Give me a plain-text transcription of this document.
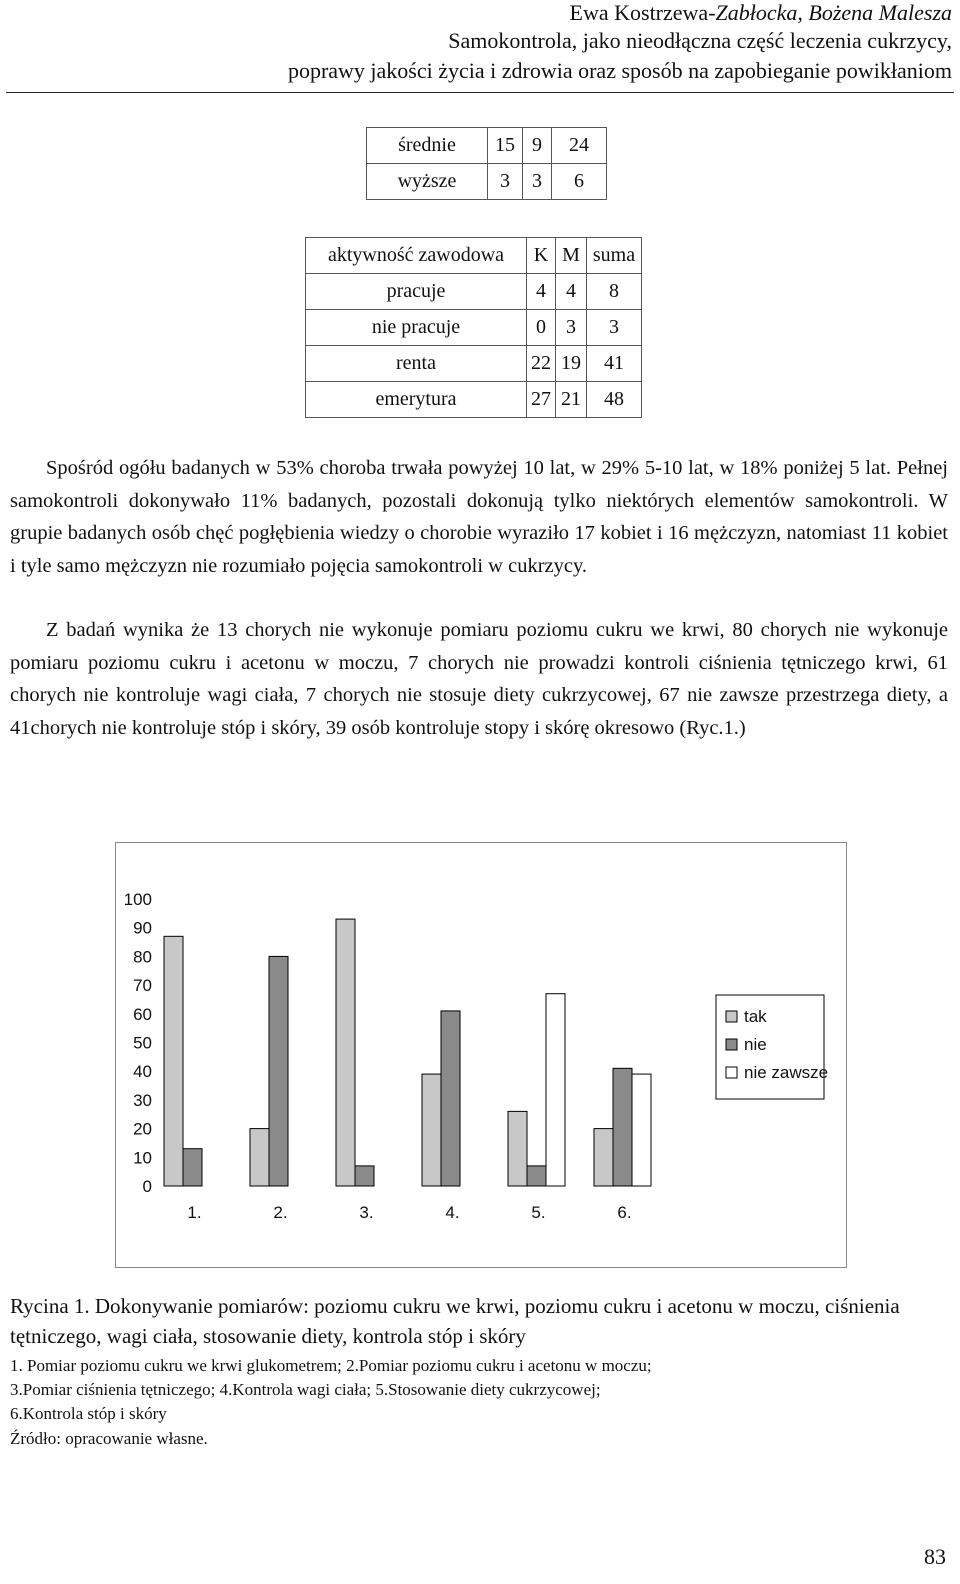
Ewa Kostrzewa-Zabłocka, Bożena Malesza
Samokontrola, jako nieodłączna część leczenia cukrzycy,
poprawy jakości życia i zdrowia oraz sposób na zapobieganie powikłaniom
średnie	15	9	24
wyższe	3	3	6
aktywność zawodowa	K	M	suma
pracuje	4	4	8
nie pracuje	0	3	3
renta	22	19	41
emerytura	27	21	48
Spośród ogółu badanych w 53% choroba trwała powyżej 10 lat, w 29% 5-10 lat, w 18% poniżej 5 lat. Pełnej samokontroli dokonywało 11% badanych, pozostali dokonują tylko niektórych elementów samokontroli. W grupie badanych osób chęć pogłębienia wiedzy o chorobie wyraziło 17 kobiet i 16 mężczyzn, natomiast 11 kobiet i tyle samo mężczyzn nie rozumiało pojęcia samokontroli w cukrzycy.
Z badań wynika że 13 chorych nie wykonuje pomiaru poziomu cukru we krwi, 80 chorych nie wykonuje pomiaru poziomu cukru i acetonu w moczu, 7 chorych nie prowadzi kontroli ciśnienia tętniczego krwi, 61 chorych nie kontroluje wagi ciała, 7 chorych nie stosuje diety cukrzycowej, 67 nie zawsze przestrzega diety, a 41chorych nie kontroluje stóp i skóry, 39 osób kontroluje stopy i skórę okresowo (Ryc.1.)
0
10
20
30
40
50
60
70
80
90
100
1.	2.	3.	4.	5.	6.
tak
nie
nie zawsze
Rycina 1. Dokonywanie pomiarów: poziomu cukru we krwi, poziomu cukru i acetonu w moczu, ciśnienia tętniczego, wagi ciała, stosowanie diety, kontrola stóp i skóry
1. Pomiar poziomu cukru we krwi glukometrem; 2.Pomiar poziomu cukru i acetonu w moczu;
3.Pomiar ciśnienia tętniczego; 4.Kontrola wagi ciała; 5.Stosowanie diety cukrzycowej;
6.Kontrola stóp i skóry
Źródło: opracowanie własne.
83
